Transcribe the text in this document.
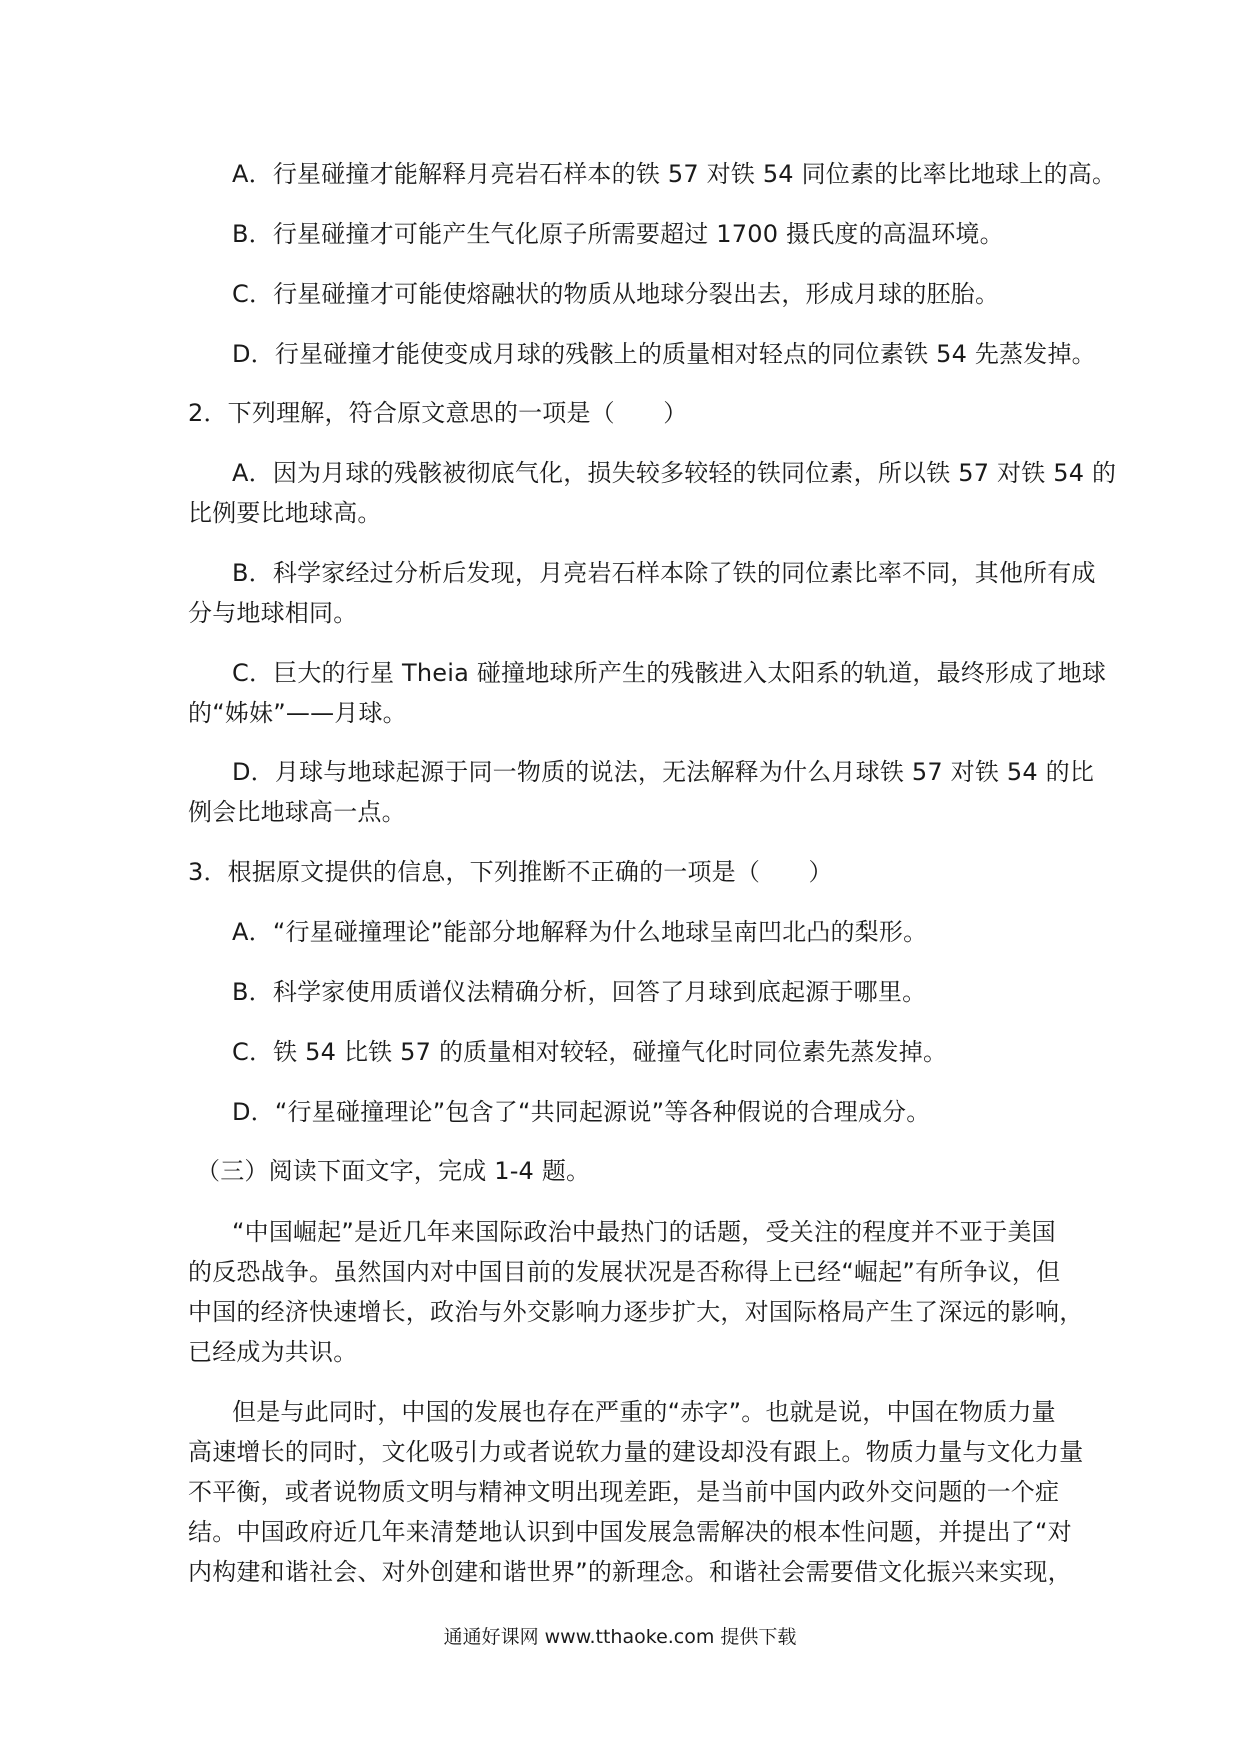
A．行星碰撞才能解释月亮岩石样本的铁 57 对铁 54 同位素的比率比地球上的高。
B．行星碰撞才可能产生气化原子所需要超过 1700 摄氏度的高温环境。
C．行星碰撞才可能使熔融状的物质从地球分裂出去，形成月球的胚胎。
D．行星碰撞才能使变成月球的残骸上的质量相对轻点的同位素铁 54 先蒸发掉。
2．下列理解，符合原文意思的一项是（　　）
A．因为月球的残骸被彻底气化，损失较多较轻的铁同位素，所以铁 57 对铁 54 的
比例要比地球高。
B．科学家经过分析后发现，月亮岩石样本除了铁的同位素比率不同，其他所有成
分与地球相同。
C．巨大的行星 Theia 碰撞地球所产生的残骸进入太阳系的轨道，最终形成了地球
的“姊妹”——月球。
D．月球与地球起源于同一物质的说法，无法解释为什么月球铁 57 对铁 54 的比
例会比地球高一点。
3．根据原文提供的信息，下列推断不正确的一项是（　　）
A．“行星碰撞理论”能部分地解释为什么地球呈南凹北凸的梨形。
B．科学家使用质谱仪法精确分析，回答了月球到底起源于哪里。
C．铁 54 比铁 57 的质量相对较轻，碰撞气化时同位素先蒸发掉。
D．“行星碰撞理论”包含了“共同起源说”等各种假说的合理成分。
（三）阅读下面文字，完成 1-4 题。
“中国崛起”是近几年来国际政治中最热门的话题，受关注的程度并不亚于美国
的反恐战争。虽然国内对中国目前的发展状况是否称得上已经“崛起”有所争议，但
中国的经济快速增长，政治与外交影响力逐步扩大，对国际格局产生了深远的影响，
已经成为共识。
但是与此同时，中国的发展也存在严重的“赤字”。也就是说，中国在物质力量
高速增长的同时，文化吸引力或者说软力量的建设却没有跟上。物质力量与文化力量
不平衡，或者说物质文明与精神文明出现差距，是当前中国内政外交问题的一个症
结。中国政府近几年来清楚地认识到中国发展急需解决的根本性问题，并提出了“对
内构建和谐社会、对外创建和谐世界”的新理念。和谐社会需要借文化振兴来实现，
通通好课网 www.tthaoke.com 提供下载
